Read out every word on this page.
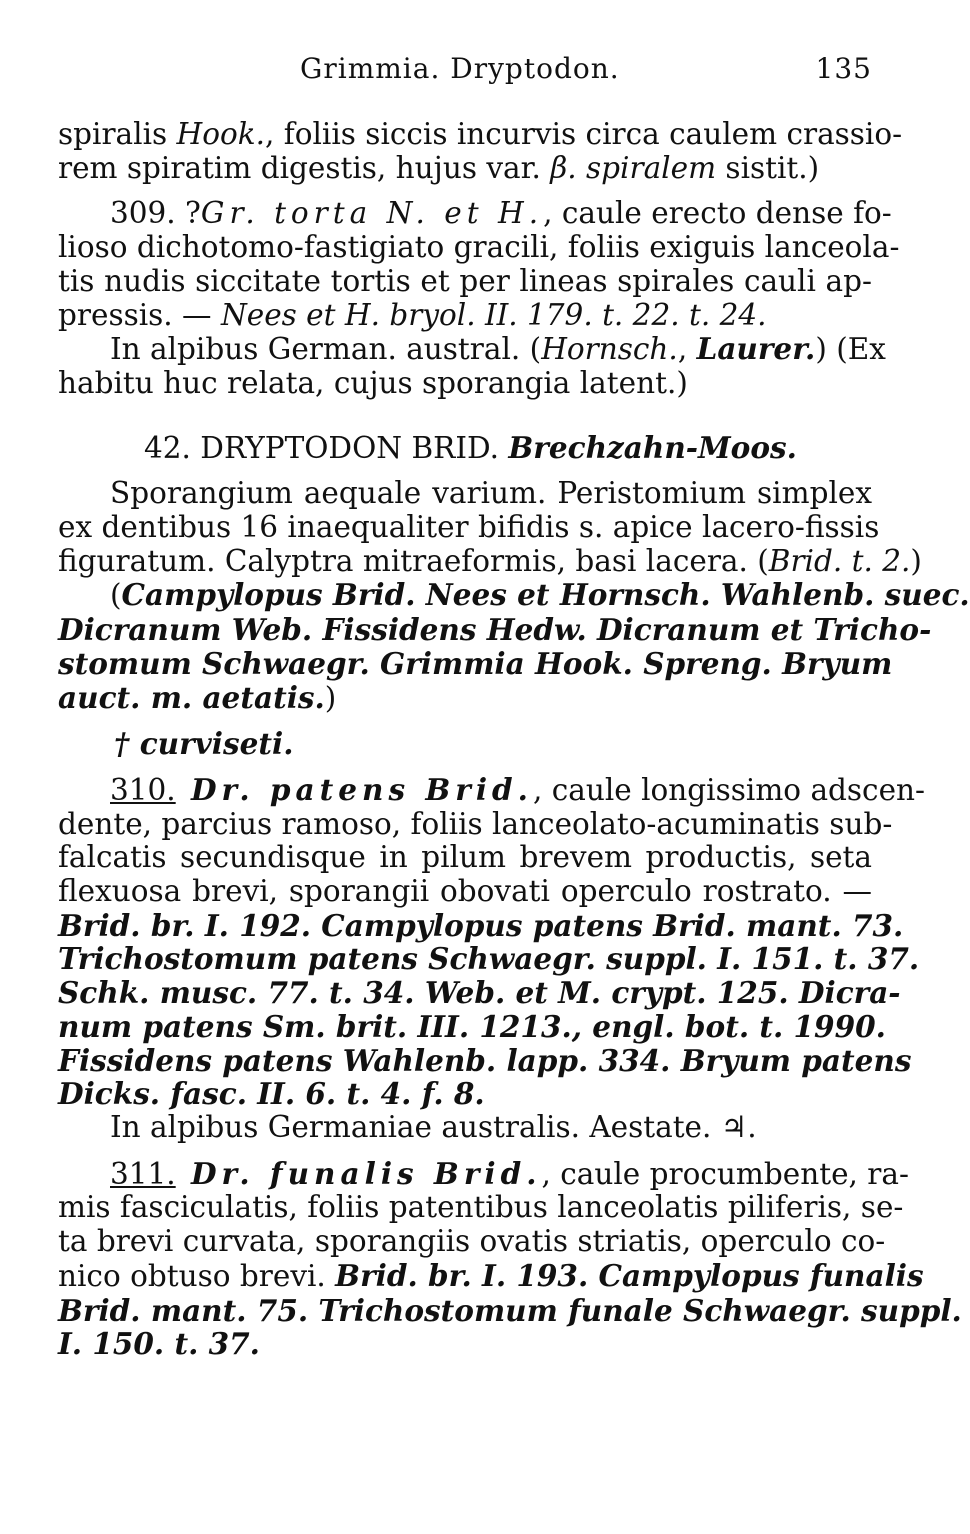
Grimmia. Dryptodon.	135
spiralis Hook., foliis siccis incurvis circa caulem crassio-
rem spiratim digestis, hujus var. β. spiralem sistit.)
309. ?Gr. torta N. et H., caule erecto dense fo-
lioso dichotomo-fastigiato gracili, foliis exiguis lanceola-
tis nudis siccitate tortis et per lineas spirales cauli ap-
pressis. — Nees et H. bryol. II. 179. t. 22. t. 24.
In alpibus German. austral. (Hornsch., Laurer.) (Ex
habitu huc relata, cujus sporangia latent.)
42. DRYPTODON BRID. Brechzahn-Moos.
Sporangium aequale varium. Peristomium simplex
ex dentibus 16 inaequaliter bifidis s. apice lacero-fissis
figuratum. Calyptra mitraeformis, basi lacera. (Brid. t. 2.)
(Campylopus Brid. Nees et Hornsch. Wahlenb. suec.
Dicranum Web. Fissidens Hedw. Dicranum et Tricho-
stomum Schwaegr. Grimmia Hook. Spreng. Bryum
auct. m. aetatis.)
† curviseti.
310. Dr. patens Brid., caule longissimo adscen-
dente, parcius ramoso, foliis lanceolato-acuminatis sub-
falcatis secundisque in pilum brevem productis, seta
flexuosa brevi, sporangii obovati operculo rostrato. —
Brid. br. I. 192. Campylopus patens Brid. mant. 73.
Trichostomum patens Schwaegr. suppl. I. 151. t. 37.
Schk. musc. 77. t. 34. Web. et M. crypt. 125. Dicra-
num patens Sm. brit. III. 1213., engl. bot. t. 1990.
Fissidens patens Wahlenb. lapp. 334. Bryum patens
Dicks. fasc. II. 6. t. 4. f. 8.
In alpibus Germaniae australis. Aestate. ♃.
311. Dr. funalis Brid., caule procumbente, ra-
mis fasciculatis, foliis patentibus lanceolatis piliferis, se-
ta brevi curvata, sporangiis ovatis striatis, operculo co-
nico obtuso brevi. Brid. br. I. 193. Campylopus funalis
Brid. mant. 75. Trichostomum funale Schwaegr. suppl.
I. 150. t. 37.
